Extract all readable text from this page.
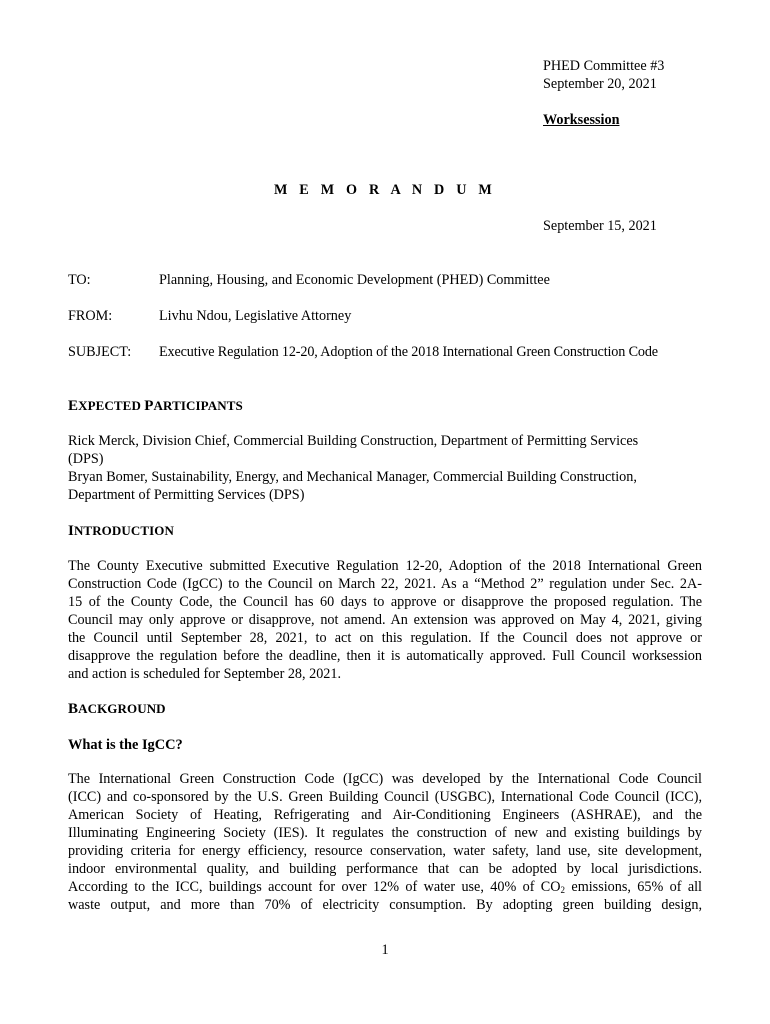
PHED Committee #3

September 20, 2021

Worksession

M E M O R A N D U M

September 15, 2021

TO:	Planning, Housing, and Economic Development (PHED) Committee

FROM:	Livhu Ndou, Legislative Attorney

SUBJECT: Executive Regulation 12-20, Adoption of the 2018 International Green Construction Code

EXPECTED PARTICIPANTS

Rick Merck, Division Chief, Commercial Building Construction, Department of Permitting Services
(DPS)
Bryan Bomer, Sustainability, Energy, and Mechanical Manager, Commercial Building Construction,
Department of Permitting Services (DPS)

INTRODUCTION

The County Executive submitted Executive Regulation 12-20, Adoption of the 2018 International Green
Construction Code (IgCC) to the Council on March 22, 2021. As a “Method 2” regulation under Sec. 2A-
15 of the County Code, the Council has 60 days to approve or disapprove the proposed regulation. The
Council may only approve or disapprove, not amend. An extension was approved on May 4, 2021, giving
the Council until September 28, 2021, to act on this regulation. If the Council does not approve or
disapprove the regulation before the deadline, then it is automatically approved. Full Council worksession
and action is scheduled for September 28, 2021.

BACKGROUND

What is the IgCC?

The International Green Construction Code (IgCC) was developed by the International Code Council
(ICC) and co-sponsored by the U.S. Green Building Council (USGBC), International Code Council (ICC),
American Society of Heating, Refrigerating and Air-Conditioning Engineers (ASHRAE), and the
Illuminating Engineering Society (IES). It regulates the construction of new and existing buildings by
providing criteria for energy efficiency, resource conservation, water safety, land use, site development,
indoor environmental quality, and building performance that can be adopted by local jurisdictions.
According to the ICC, buildings account for over 12% of water use, 40% of $CO_2$ emissions, 65% of all
waste output, and more than 70% of electricity consumption. By adopting green building design,

1
